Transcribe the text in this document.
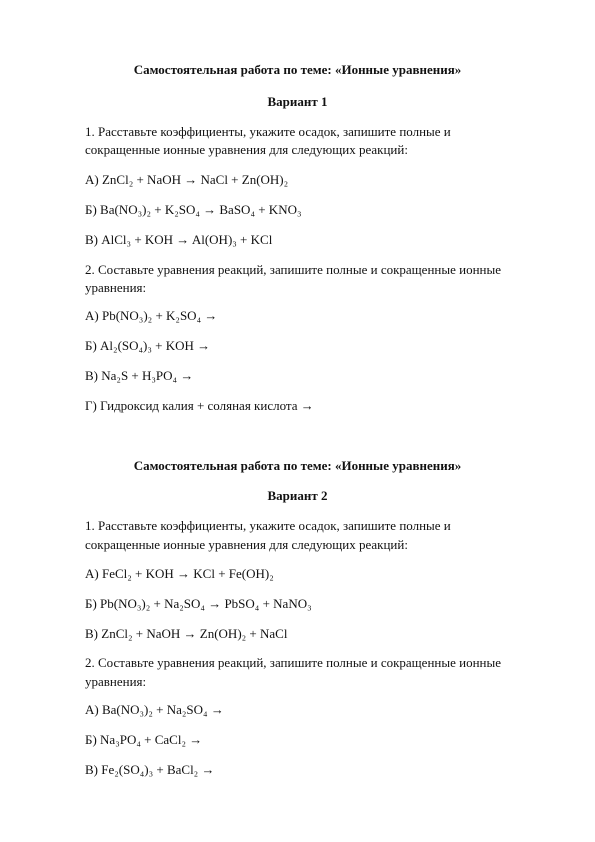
Самостоятельная работа по теме: «Ионные уравнения»
Вариант 1
1. Расставьте коэффициенты, укажите осадок, запишите полные и
сокращенные ионные уравнения для следующих реакций:
А) ZnCl₂ + NaOH → NaCl + Zn(OH)₂
Б) Ba(NO₃)₂ + K₂SO₄ → BaSO₄ + KNO₃
В) AlCl₃ + KOH → Al(OH)₃ + KCl
2. Составьте уравнения реакций, запишите полные и сокращенные ионные
уравнения:
А) Pb(NO₃)₂ + K₂SO₄ →
Б) Al₂(SO₄)₃ + KOH →
В) Na₂S + H₃PO₄ →
Г) Гидроксид калия + соляная кислота →
Самостоятельная работа по теме: «Ионные уравнения»
Вариант 2
1. Расставьте коэффициенты, укажите осадок, запишите полные и
сокращенные ионные уравнения для следующих реакций:
А) FeCl₂ + KOH → KCl + Fe(OH)₂
Б) Pb(NO₃)₂ + Na₂SO₄ → PbSO₄ + NaNO₃
В) ZnCl₂ + NaOH → Zn(OH)₂ + NaCl
2. Составьте уравнения реакций, запишите полные и сокращенные ионные
уравнения:
А) Ba(NO₃)₂ + Na₂SO₄ →
Б) Na₃PO₄ + CaCl₂ →
В) Fe₂(SO₄)₃ + BaCl₂ →
